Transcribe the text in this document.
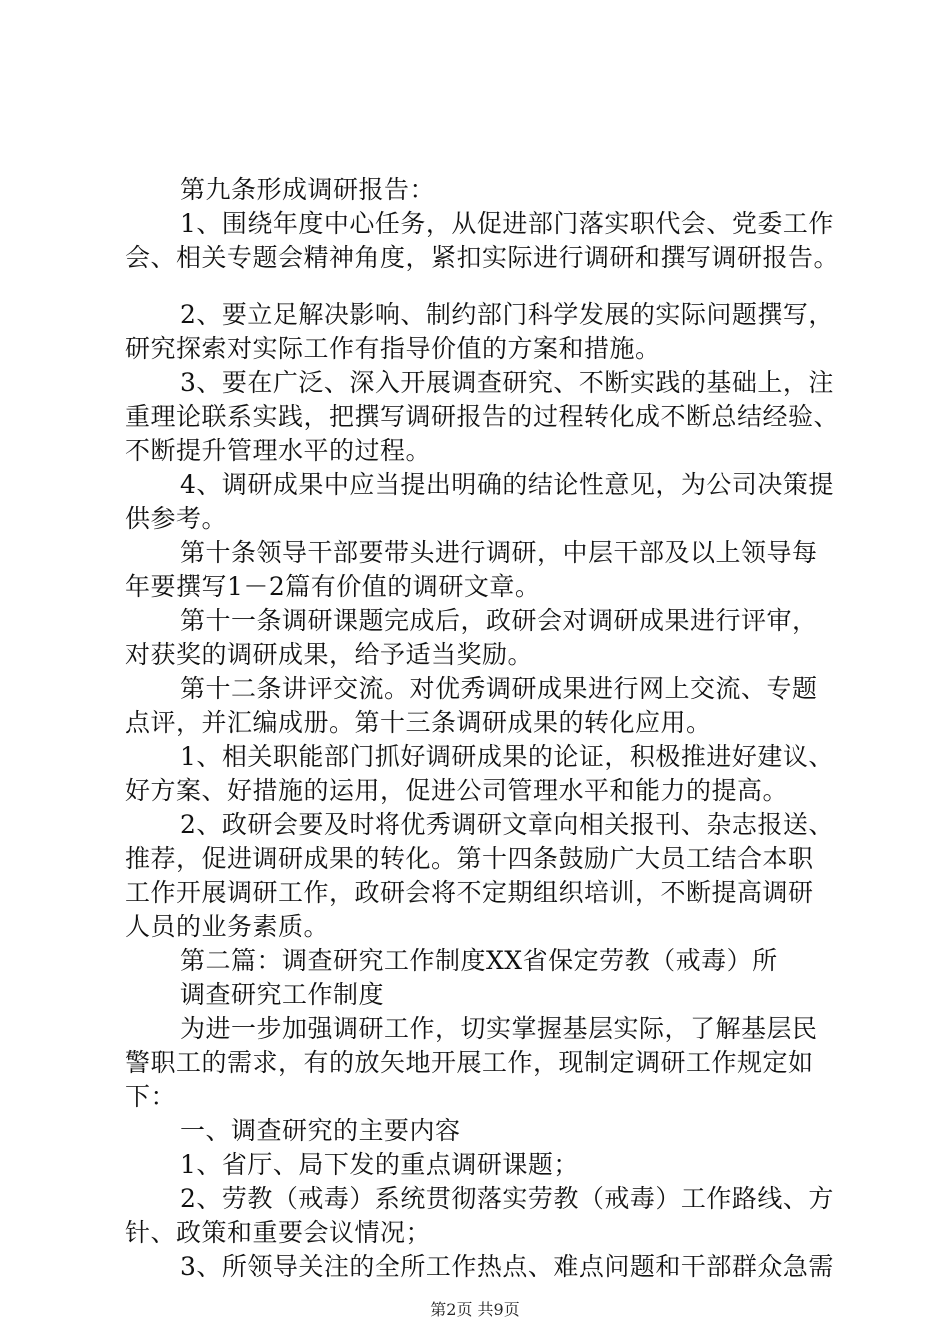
第九条形成调研报告：
1、围绕年度中心任务，从促进部门落实职代会、党委工作
会、相关专题会精神角度，紧扣实际进行调研和撰写调研报告。
2、要立足解决影响、制约部门科学发展的实际问题撰写，
研究探索对实际工作有指导价值的方案和措施。
3、要在广泛、深入开展调查研究、不断实践的基础上，注
重理论联系实践，把撰写调研报告的过程转化成不断总结经验、
不断提升管理水平的过程。
4、调研成果中应当提出明确的结论性意见，为公司决策提
供参考。
第十条领导干部要带头进行调研，中层干部及以上领导每
年要撰写1－2篇有价值的调研文章。
第十一条调研课题完成后，政研会对调研成果进行评审，
对获奖的调研成果，给予适当奖励。
第十二条讲评交流。对优秀调研成果进行网上交流、专题
点评，并汇编成册。第十三条调研成果的转化应用。
1、相关职能部门抓好调研成果的论证，积极推进好建议、
好方案、好措施的运用，促进公司管理水平和能力的提高。
2、政研会要及时将优秀调研文章向相关报刊、杂志报送、
推荐，促进调研成果的转化。第十四条鼓励广大员工结合本职
工作开展调研工作，政研会将不定期组织培训，不断提高调研
人员的业务素质。
第二篇：调查研究工作制度XX省保定劳教（戒毒）所
调查研究工作制度
为进一步加强调研工作，切实掌握基层实际，了解基层民
警职工的需求，有的放矢地开展工作，现制定调研工作规定如
下：
一、调查研究的主要内容
1、省厅、局下发的重点调研课题；
2、劳教（戒毒）系统贯彻落实劳教（戒毒）工作路线、方
针、政策和重要会议情况；
3、所领导关注的全所工作热点、难点问题和干部群众急需
第2页 共9页
